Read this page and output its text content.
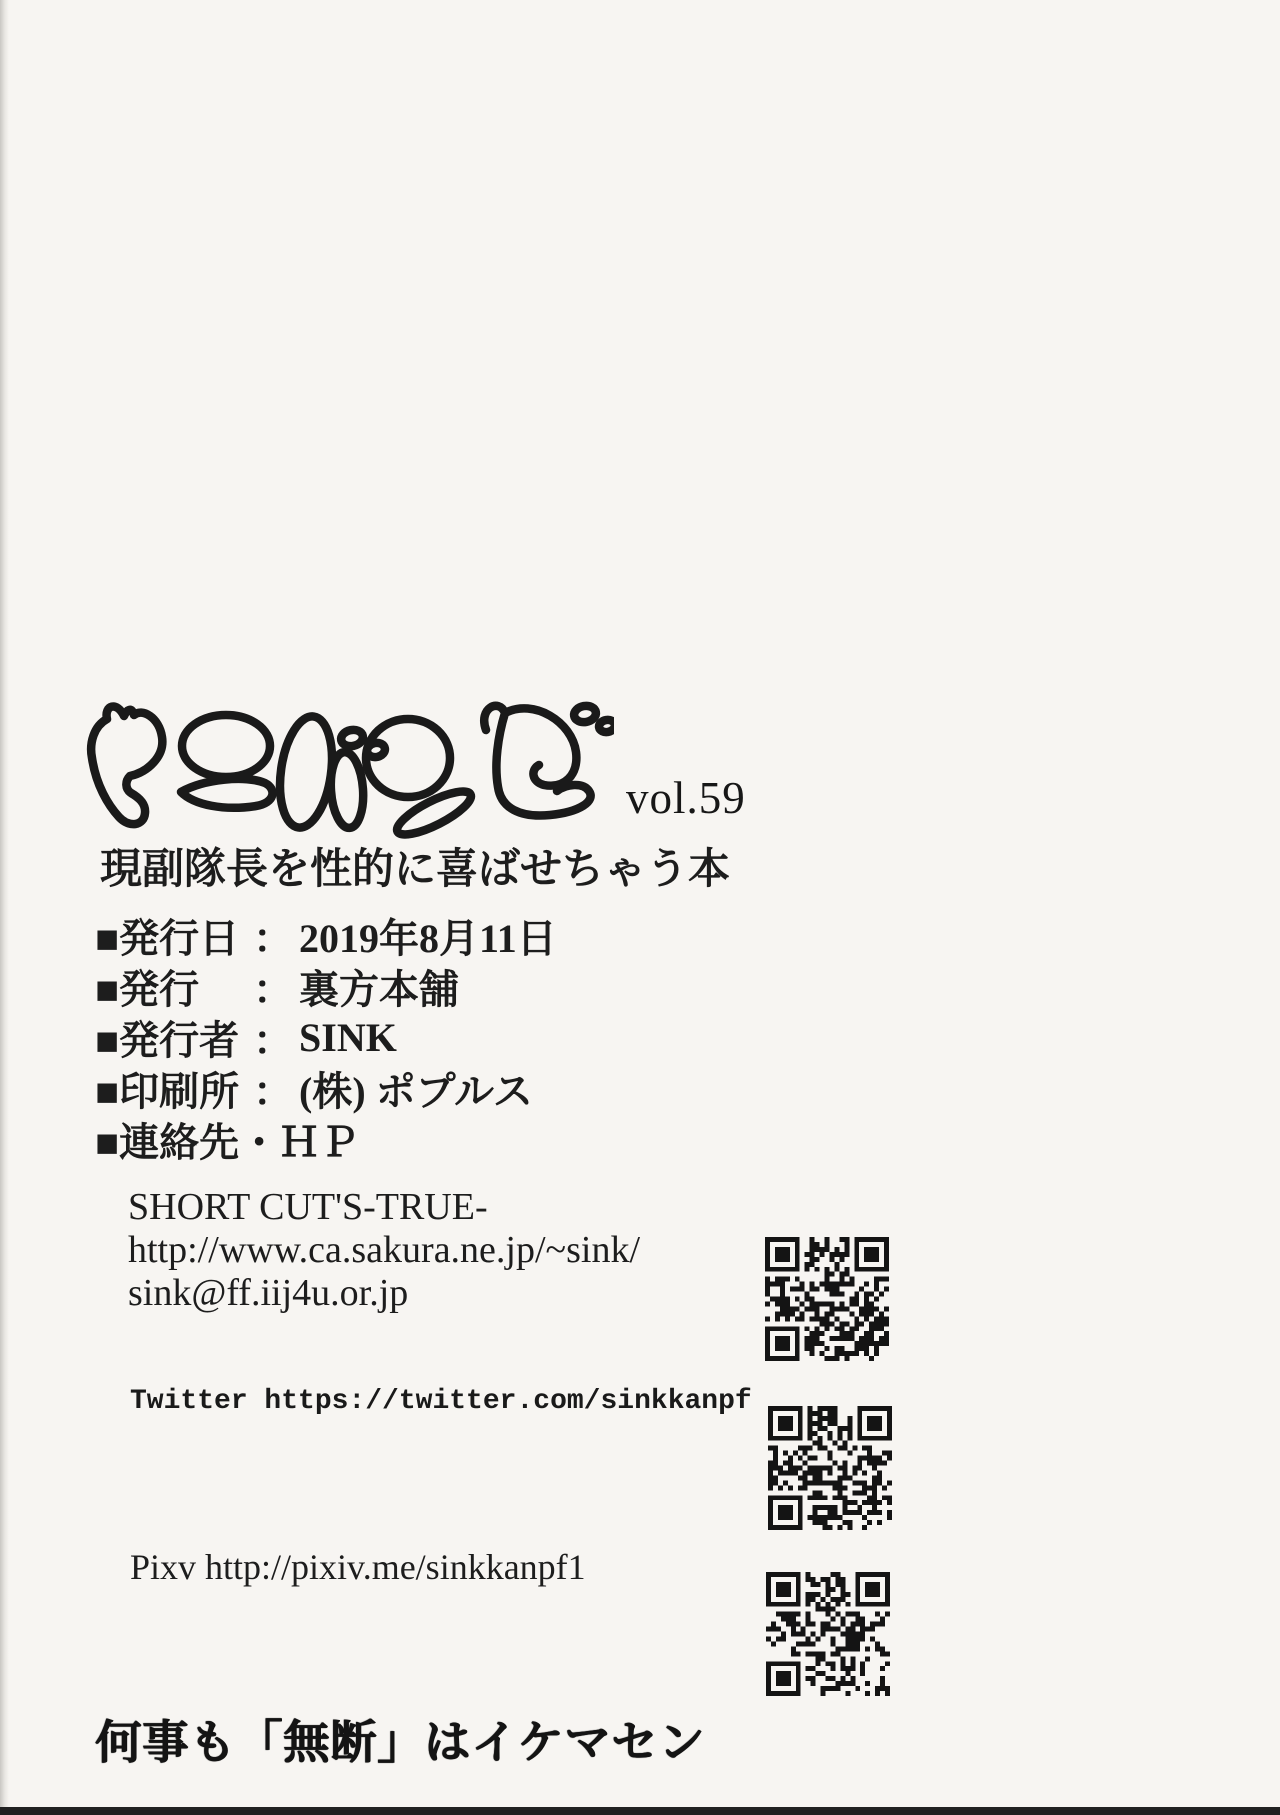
vol.59
現副隊長を性的に喜ばせちゃう本
■発行日 ： 2019年8月11日
■発行	： 裏方本舗
■発行者 ： SINK
■印刷所 ： (株) ポプルス
■連絡先・ＨＰ
SHORT CUT'S-TRUE-
http://www.ca.sakura.ne.jp/~sink/
sink@ff.iij4u.or.jp
Twitter https://twitter.com/sinkkanpf
Pixv http://pixiv.me/sinkkanpf1
何事も「無断」はイケマセン
